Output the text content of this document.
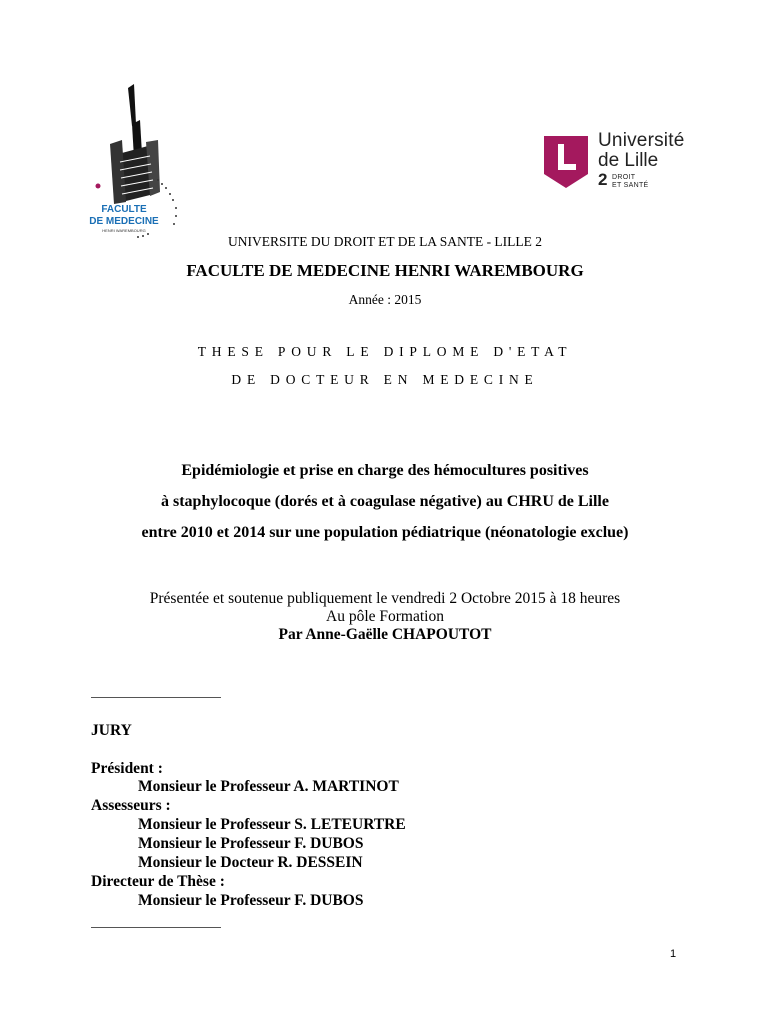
FACULTE
DE MEDECINE
HENRI WAREMBOURG
Université
de Lille
2 DROIT
ET SANTÉ
UNIVERSITE DU DROIT ET DE LA SANTE - LILLE 2
FACULTE DE MEDECINE HENRI WAREMBOURG
Année : 2015
THESE POUR LE DIPLOME D'ETAT
DE DOCTEUR EN MEDECINE
Epidémiologie et prise en charge des hémocultures positives
à staphylocoque (dorés et à coagulase négative) au CHRU de Lille
entre 2010 et 2014 sur une population pédiatrique (néonatologie exclue)
Présentée et soutenue publiquement le vendredi 2 Octobre 2015 à 18 heures
Au pôle Formation
Par Anne-Gaëlle CHAPOUTOT
JURY
Président :
Monsieur le Professeur A. MARTINOT
Assesseurs :
Monsieur le Professeur S. LETEURTRE
Monsieur le Professeur F. DUBOS
Monsieur le Docteur R. DESSEIN
Directeur de Thèse :
Monsieur le Professeur F. DUBOS
1
